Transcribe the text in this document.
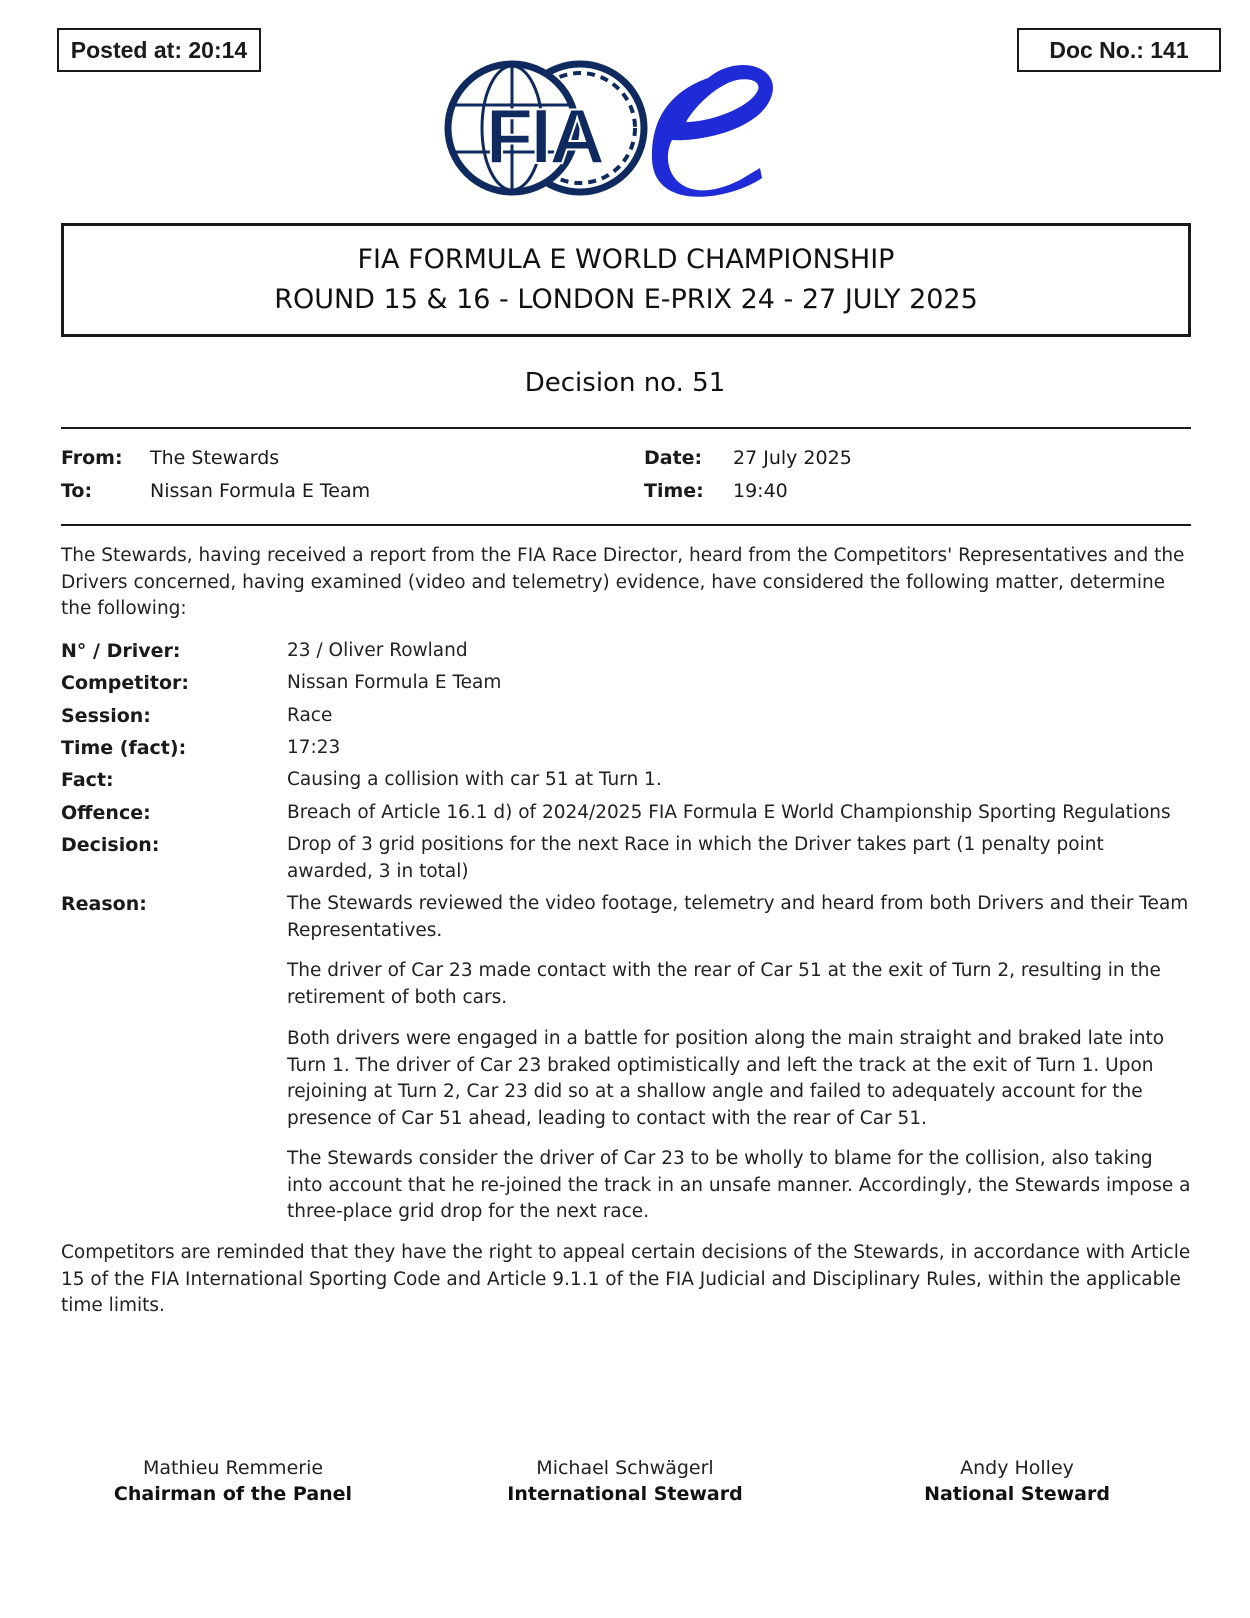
Posted at: 20:14	Doc No.: 141
FIA
FIA FORMULA E WORLD CHAMPIONSHIP
ROUND 15 & 16 - LONDON E-PRIX 24 - 27 JULY 2025
Decision no. 51
From: The Stewards
To:	Nissan Formula E Team
Date: 27 July 2025
Time: 19:40
The Stewards, having received a report from the FIA Race Director, heard from the Competitors' Representatives and the Drivers concerned, having examined (video and telemetry) evidence, have considered the following matter, determine the following:
N° / Driver:	23 / Oliver Rowland
Competitor:	Nissan Formula E Team
Session:	Race
Time (fact):	17:23
Fact:	Causing a collision with car 51 at Turn 1.
Offence:	Breach of Article 16.1 d) of 2024/2025 FIA Formula E World Championship Sporting Regulations
Decision:	Drop of 3 grid positions for the next Race in which the Driver takes part (1 penalty point awarded, 3 in total)
Reason:	The Stewards reviewed the video footage, telemetry and heard from both Drivers and their Team Representatives.
The driver of Car 23 made contact with the rear of Car 51 at the exit of Turn 2, resulting in the retirement of both cars.
Both drivers were engaged in a battle for position along the main straight and braked late into Turn 1. The driver of Car 23 braked optimistically and left the track at the exit of Turn 1. Upon rejoining at Turn 2, Car 23 did so at a shallow angle and failed to adequately account for the presence of Car 51 ahead, leading to contact with the rear of Car 51.
The Stewards consider the driver of Car 23 to be wholly to blame for the collision, also taking into account that he re-joined the track in an unsafe manner. Accordingly, the Stewards impose a three-place grid drop for the next race.
Competitors are reminded that they have the right to appeal certain decisions of the Stewards, in accordance with Article 15 of the FIA International Sporting Code and Article 9.1.1 of the FIA Judicial and Disciplinary Rules, within the applicable time limits.
Mathieu Remmerie
Chairman of the Panel
Michael Schwägerl
International Steward
Andy Holley
National Steward
